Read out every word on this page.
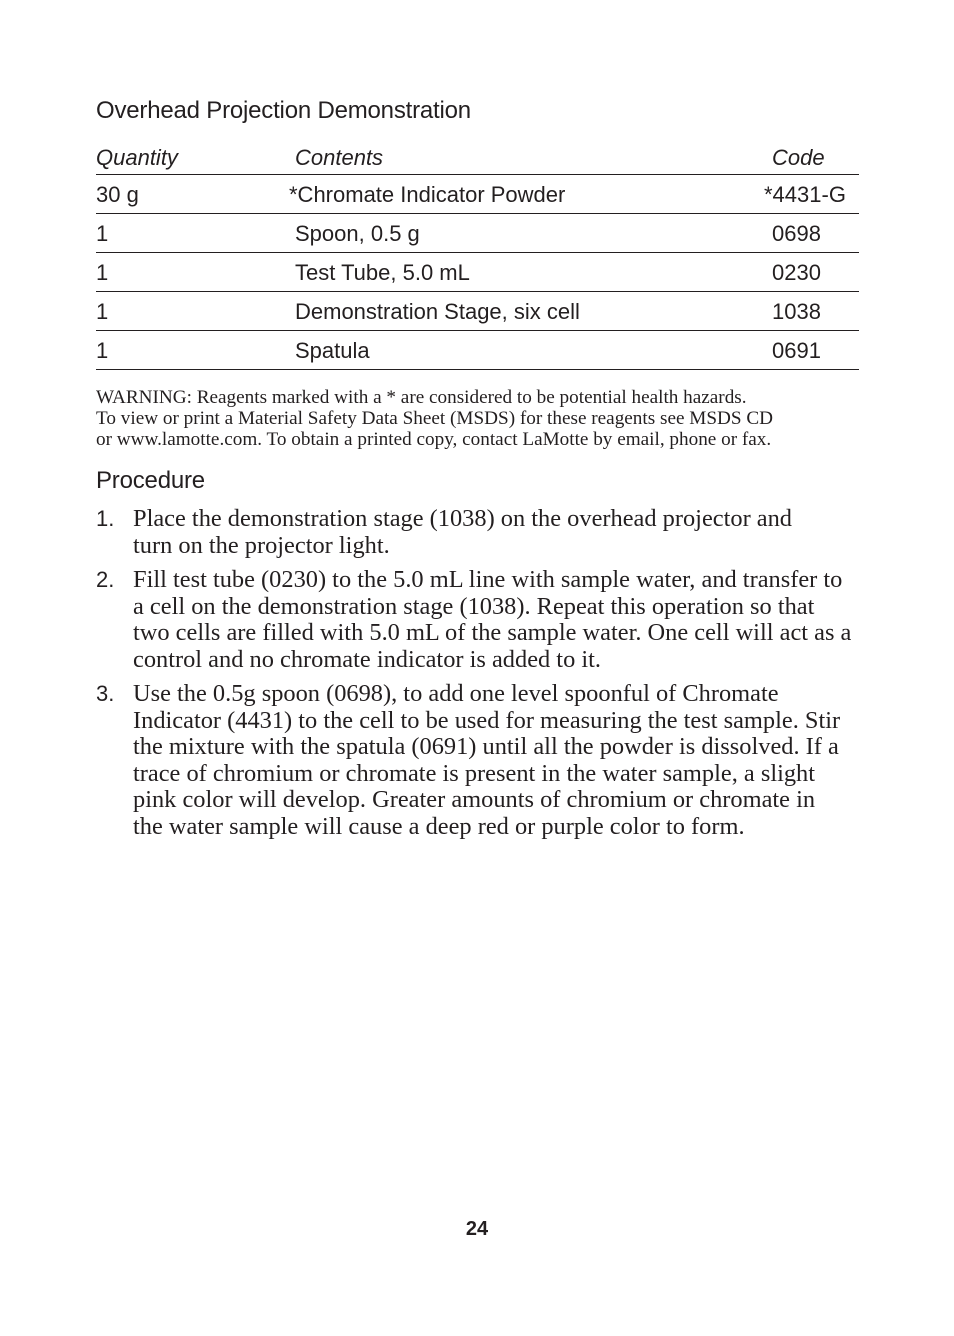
Overhead Projection Demonstration
Quantity	Contents	Code
30 g	*Chromate Indicator Powder	*4431-G
1	Spoon, 0.5 g	0698
1	Test Tube, 5.0 mL	0230
1	Demonstration Stage, six cell	1038
1	Spatula	0691

WARNING: Reagents marked with a * are considered to be potential health hazards.
To view or print a Material Safety Data Sheet (MSDS) for these reagents see MSDS CD
or www.lamotte.com. To obtain a printed copy, contact LaMotte by email, phone or fax.

Procedure
1. Place the demonstration stage (1038) on the overhead projector and
turn on the projector light.
2. Fill test tube (0230) to the 5.0 mL line with sample water, and transfer to
a cell on the demonstration stage (1038). Repeat this operation so that
two cells are filled with 5.0 mL of the sample water. One cell will act as a
control and no chromate indicator is added to it.
3. Use the 0.5g spoon (0698), to add one level spoonful of Chromate
Indicator (4431) to the cell to be used for measuring the test sample. Stir
the mixture with the spatula (0691) until all the powder is dissolved. If a
trace of chromium or chromate is present in the water sample, a slight
pink color will develop. Greater amounts of chromium or chromate in
the water sample will cause a deep red or purple color to form.
24
